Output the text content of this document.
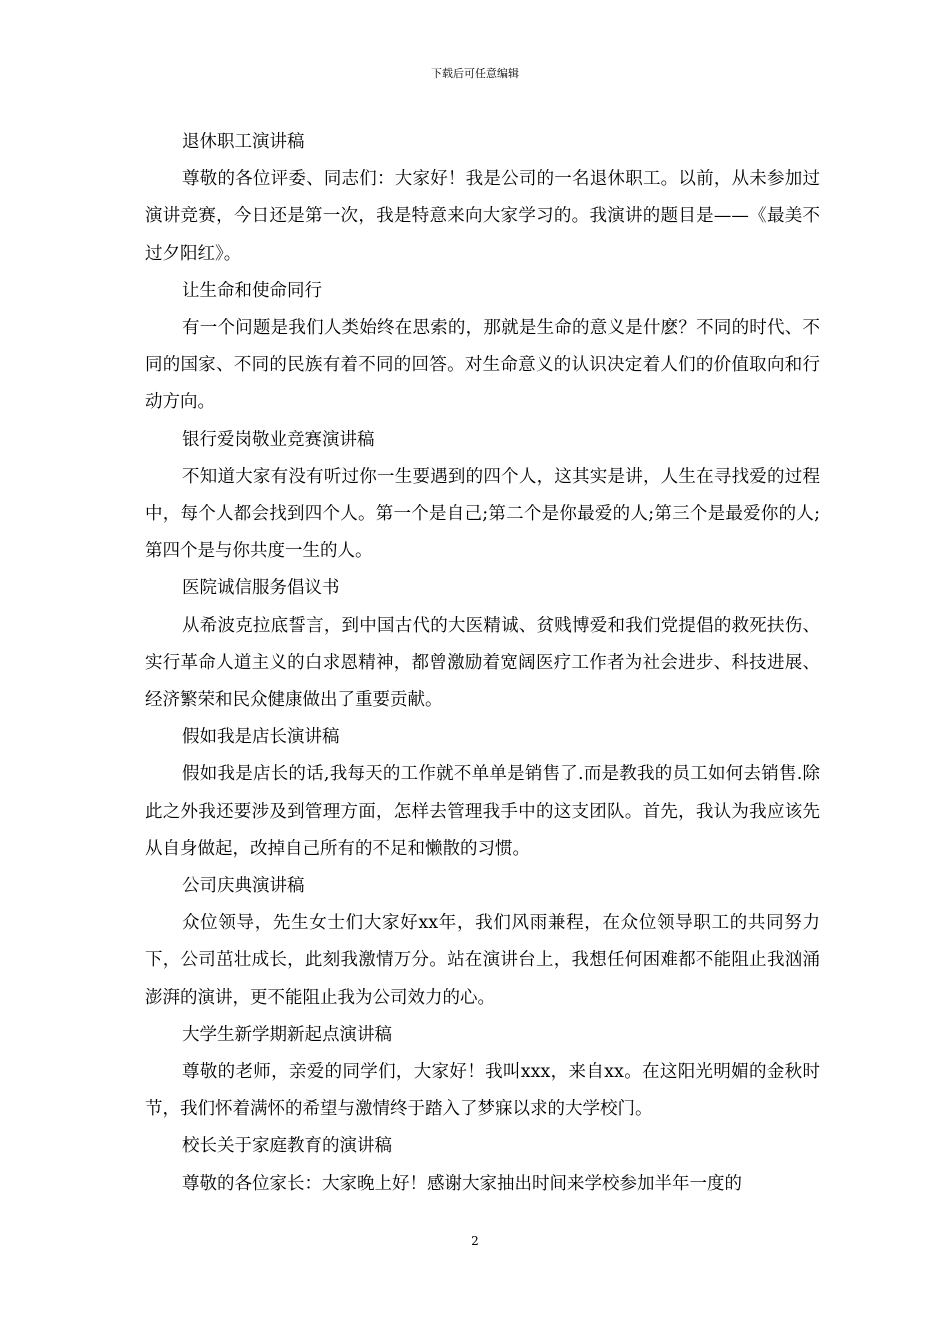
下载后可任意编辑

退休职工演讲稿

尊敬的各位评委、同志们：大家好！我是公司的一名退休职工。以前，从未参加过演讲竞赛，今日还是第一次，我是特意来向大家学习的。我演讲的题目是——《最美不过夕阳红》。

让生命和使命同行

有一个问题是我们人类始终在思索的，那就是生命的意义是什麽？不同的时代、不同的国家、不同的民族有着不同的回答。对生命意义的认识决定着人们的价值取向和行动方向。

银行爱岗敬业竞赛演讲稿

不知道大家有没有听过你一生要遇到的四个人，这其实是讲，人生在寻找爱的过程中，每个人都会找到四个人。第一个是自己;第二个是你最爱的人;第三个是最爱你的人;第四个是与你共度一生的人。

医院诚信服务倡议书

从希波克拉底誓言，到中国古代的大医精诚、贫贱博爱和我们党提倡的救死扶伤、实行革命人道主义的白求恩精神，都曾激励着宽阔医疗工作者为社会进步、科技进展、经济繁荣和民众健康做出了重要贡献。

假如我是店长演讲稿

假如我是店长的话,我每天的工作就不单单是销售了.而是教我的员工如何去销售.除此之外我还要涉及到管理方面，怎样去管理我手中的这支团队。首先，我认为我应该先从自身做起，改掉自己所有的不足和懒散的习惯。

公司庆典演讲稿

众位领导，先生女士们大家好xx年，我们风雨兼程，在众位领导职工的共同努力下，公司茁壮成长，此刻我激情万分。站在演讲台上，我想任何困难都不能阻止我汹涌澎湃的演讲，更不能阻止我为公司效力的心。

大学生新学期新起点演讲稿

尊敬的老师，亲爱的同学们，大家好！我叫xxx，来自xx。在这阳光明媚的金秋时节，我们怀着满怀的希望与激情终于踏入了梦寐以求的大学校门。

校长关于家庭教育的演讲稿

尊敬的各位家长：大家晚上好！感谢大家抽出时间来学校参加半年一度的

2
